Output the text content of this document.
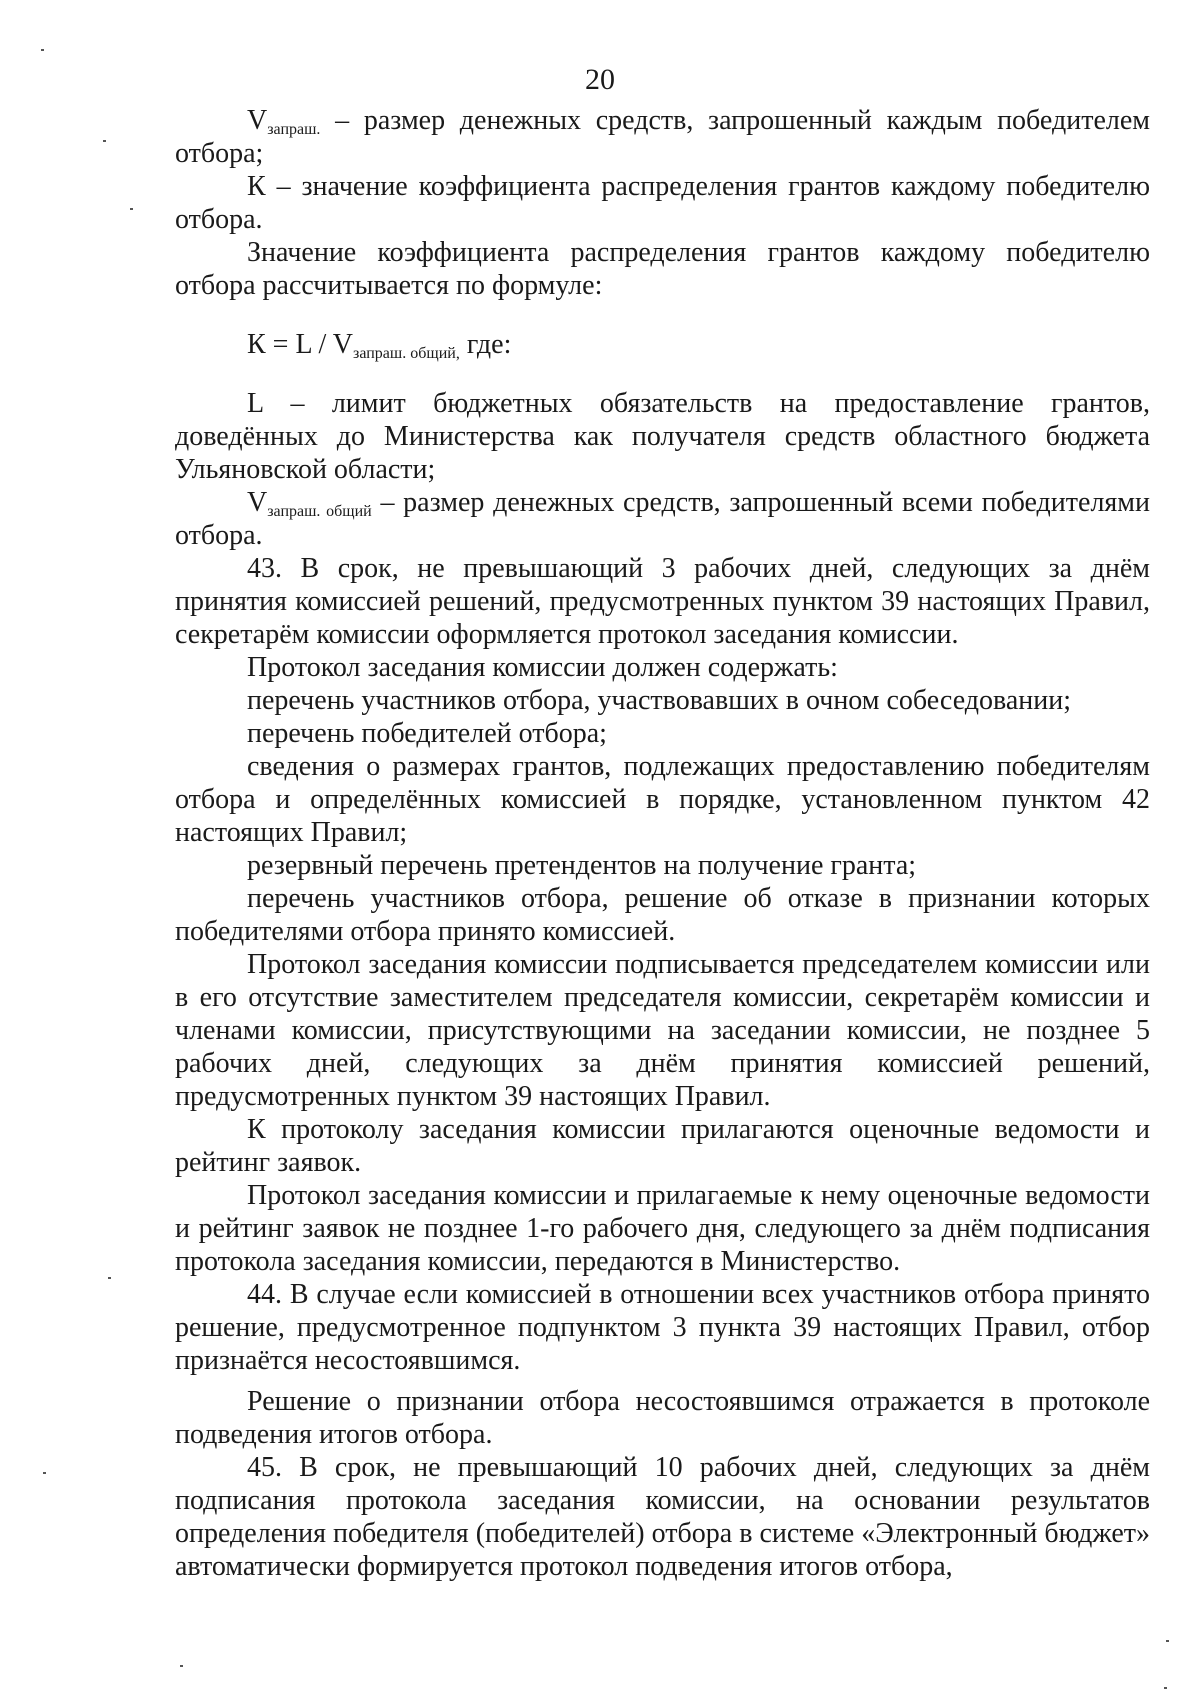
20

$V_{запраш.}$ – размер денежных средств, запрошенный каждым победителем отбора;

К – значение коэффициента распределения грантов каждому победителю отбора.

Значение коэффициента распределения грантов каждому победителю отбора рассчитывается по формуле:

$К = L / V_{запраш. общий,}$ где:

L – лимит бюджетных обязательств на предоставление грантов, доведённых до Министерства как получателя средств областного бюджета Ульяновской области;

$V_{запраш. общий}$ – размер денежных средств, запрошенный всеми победителями отбора.

43. В срок, не превышающий 3 рабочих дней, следующих за днём принятия комиссией решений, предусмотренных пунктом 39 настоящих Правил, секретарём комиссии оформляется протокол заседания комиссии.

Протокол заседания комиссии должен содержать:

перечень участников отбора, участвовавших в очном собеседовании;

перечень победителей отбора;

сведения о размерах грантов, подлежащих предоставлению победителям отбора и определённых комиссией в порядке, установленном пунктом 42 настоящих Правил;

резервный перечень претендентов на получение гранта;

перечень участников отбора, решение об отказе в признании которых победителями отбора принято комиссией.

Протокол заседания комиссии подписывается председателем комиссии или в его отсутствие заместителем председателя комиссии, секретарём комиссии и членами комиссии, присутствующими на заседании комиссии, не позднее 5 рабочих дней, следующих за днём принятия комиссией решений, предусмотренных пунктом 39 настоящих Правил.

К протоколу заседания комиссии прилагаются оценочные ведомости и рейтинг заявок.

Протокол заседания комиссии и прилагаемые к нему оценочные ведомости и рейтинг заявок не позднее 1-го рабочего дня, следующего за днём подписания протокола заседания комиссии, передаются в Министерство.

44. В случае если комиссией в отношении всех участников отбора принято решение, предусмотренное подпунктом 3 пункта 39 настоящих Правил, отбор признаётся несостоявшимся.

Решение о признании отбора несостоявшимся отражается в протоколе подведения итогов отбора.

45. В срок, не превышающий 10 рабочих дней, следующих за днём подписания протокола заседания комиссии, на основании результатов определения победителя (победителей) отбора в системе «Электронный бюджет» автоматически формируется протокол подведения итогов отбора,
